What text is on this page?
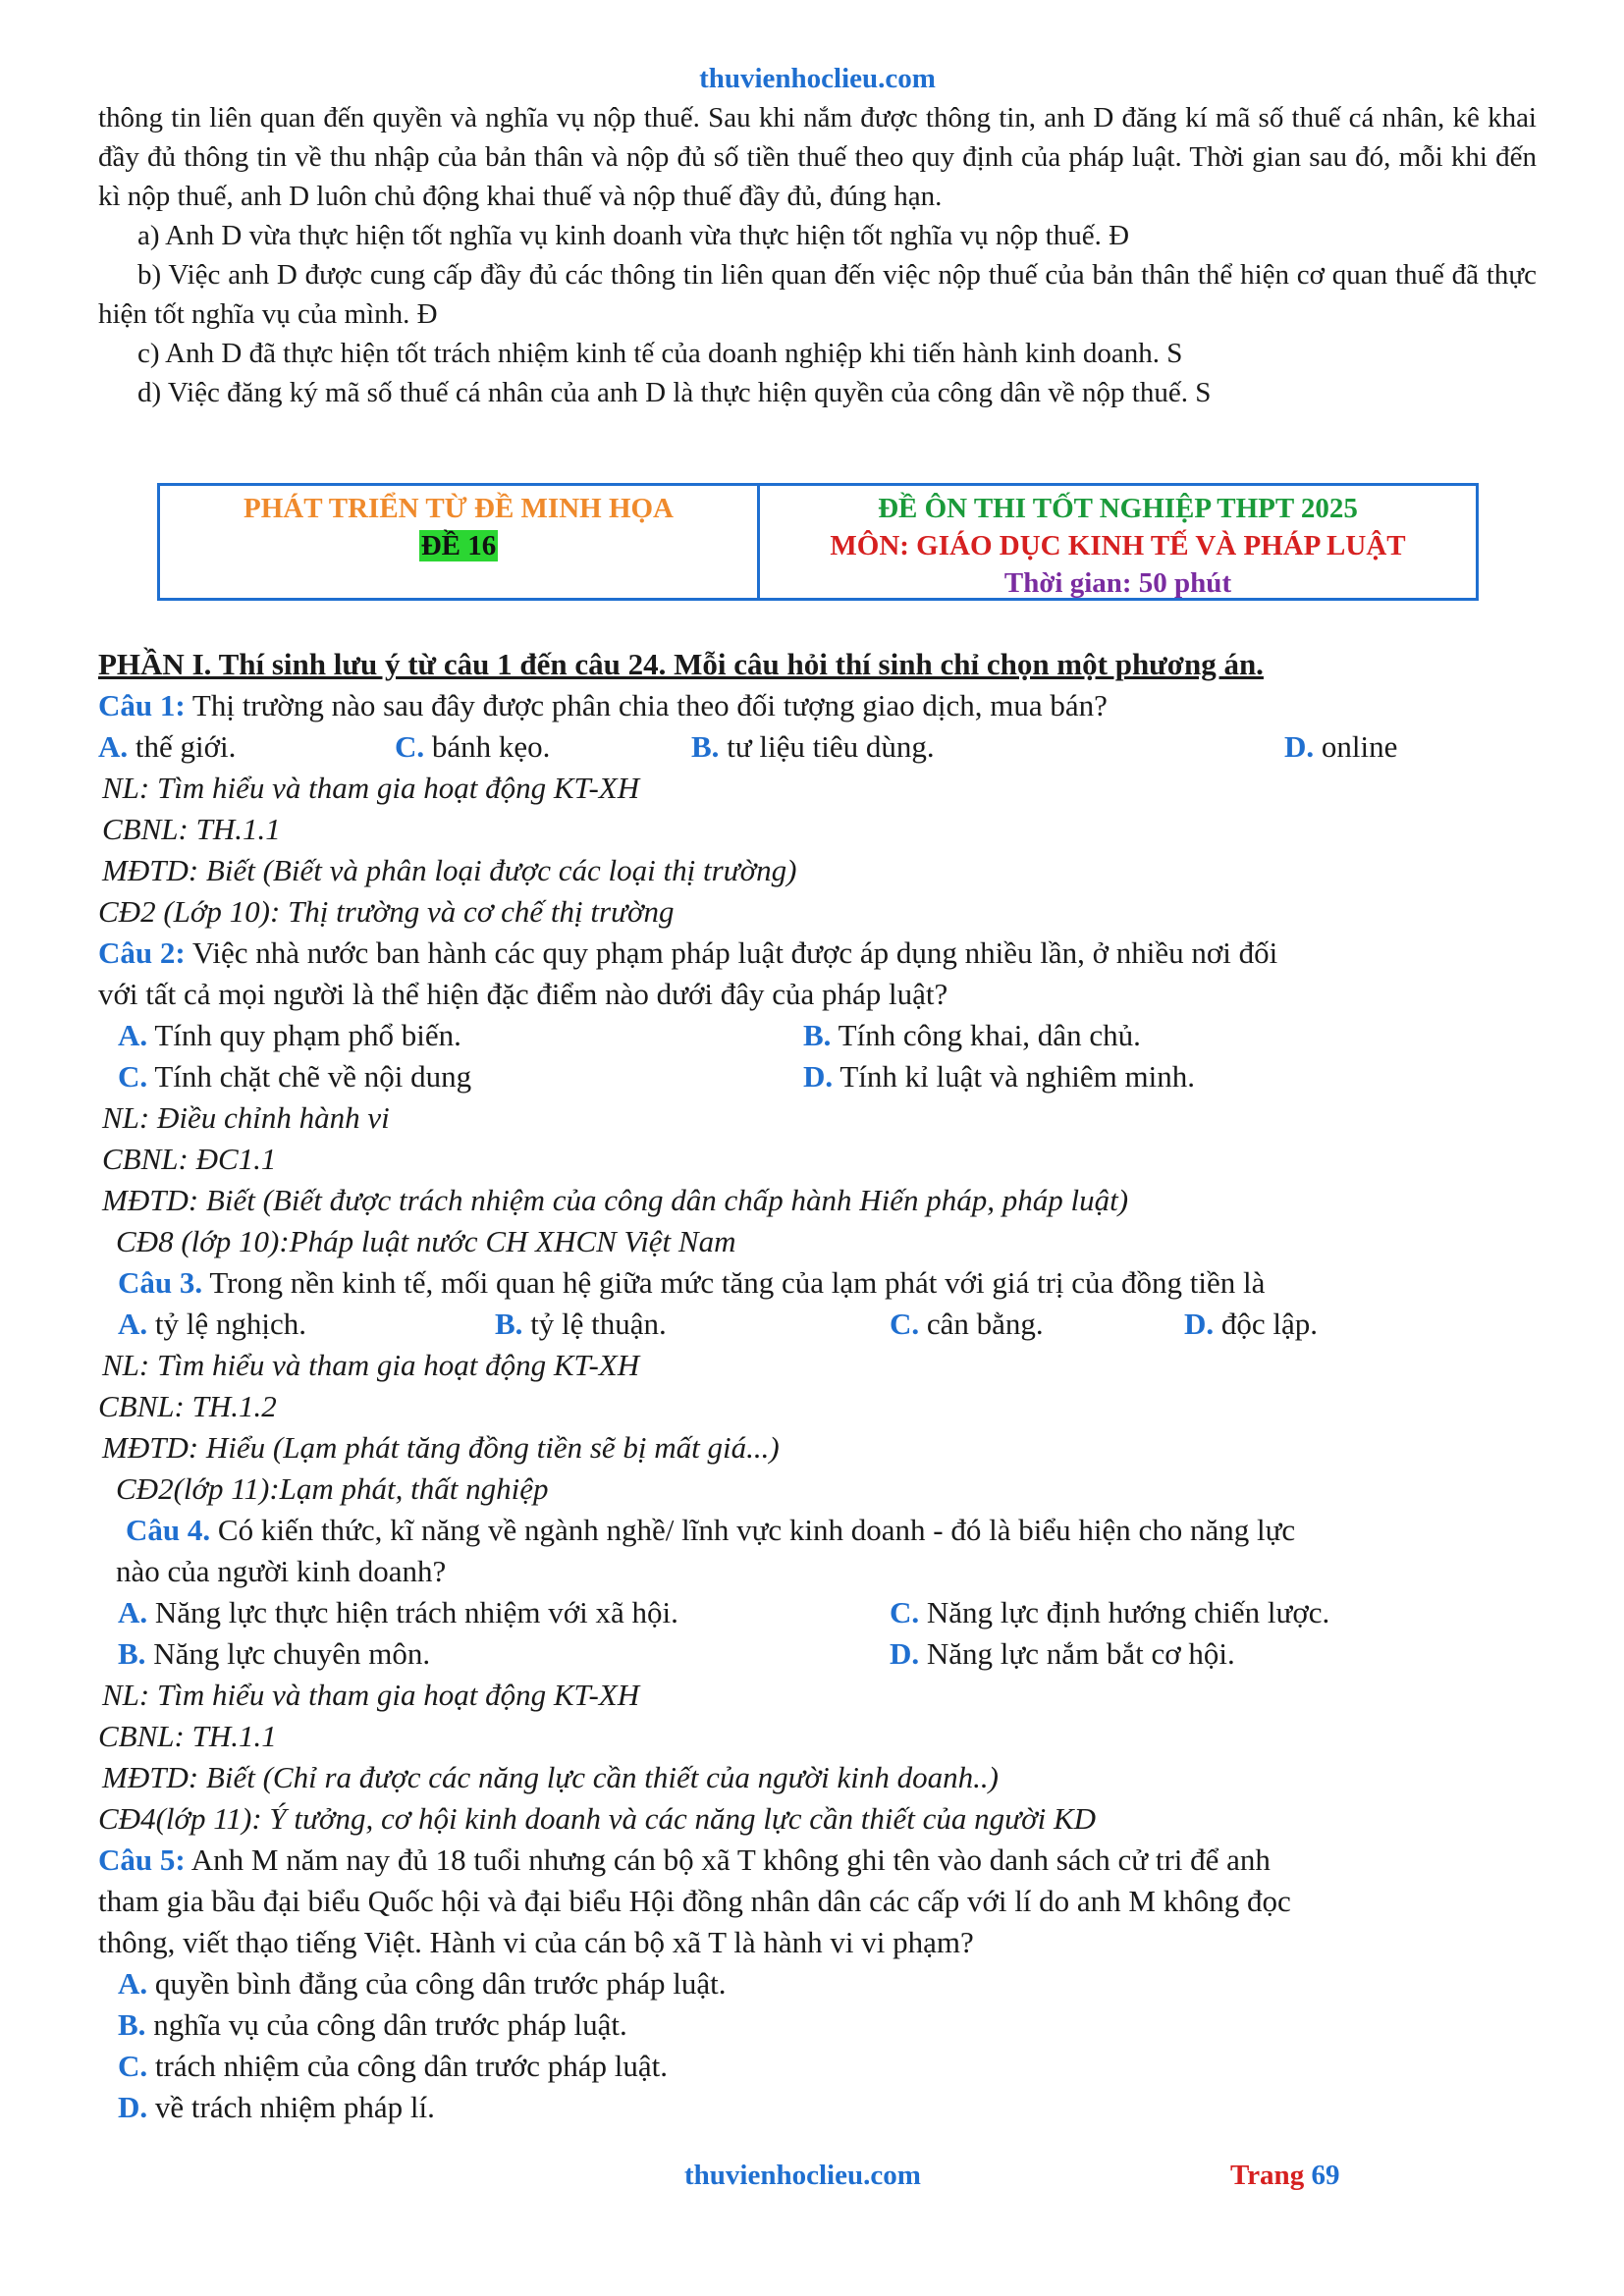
thuvienhoclieu.com

thông tin liên quan đến quyền và nghĩa vụ nộp thuế. Sau khi nắm được thông tin, anh D đăng kí mã số thuế cá nhân, kê khai đầy đủ thông tin về thu nhập của bản thân và nộp đủ số tiền thuế theo quy định của pháp luật. Thời gian sau đó, mỗi khi đến kì nộp thuế, anh D luôn chủ động khai thuế và nộp thuế đầy đủ, đúng hạn.

a) Anh D vừa thực hiện tốt nghĩa vụ kinh doanh vừa thực hiện tốt nghĩa vụ nộp thuế. Đ

b) Việc anh D được cung cấp đầy đủ các thông tin liên quan đến việc nộp thuế của bản thân thể hiện cơ quan thuế đã thực hiện tốt nghĩa vụ của mình. Đ

c) Anh D đã thực hiện tốt trách nhiệm kinh tế của doanh nghiệp khi tiến hành kinh doanh. S

d) Việc đăng ký mã số thuế cá nhân của anh D là thực hiện quyền của công dân về nộp thuế. S

PHÁT TRIỂN TỪ ĐỀ MINH HỌA
ĐỀ 16
ĐỀ ÔN THI TỐT NGHIỆP THPT 2025
MÔN: GIÁO DỤC KINH TẾ VÀ PHÁP LUẬT
Thời gian: 50 phút
PHẦN I. Thí sinh lưu ý từ câu 1 đến câu 24. Mỗi câu hỏi thí sinh chỉ chọn một phương án.
Câu 1: Thị trường nào sau đây được phân chia theo đối tượng giao dịch, mua bán?
A. thế giới.	C. bánh kẹo.	B. tư liệu tiêu dùng.	D. online
NL: Tìm hiểu và tham gia hoạt động KT-XH
CBNL: TH.1.1
MĐTD: Biết (Biết và phân loại được các loại thị trường)
CĐ2 (Lớp 10): Thị trường và cơ chế thị trường
Câu 2: Việc nhà nước ban hành các quy phạm pháp luật được áp dụng nhiều lần, ở nhiều nơi đối
với tất cả mọi người là thể hiện đặc điểm nào dưới đây của pháp luật?
A. Tính quy phạm phổ biến.	B. Tính công khai, dân chủ.
C. Tính chặt chẽ về nội dung	D. Tính kỉ luật và nghiêm minh.
NL: Điều chỉnh hành vi
CBNL: ĐC1.1
MĐTD: Biết (Biết được trách nhiệm của công dân chấp hành Hiến pháp, pháp luật)
CĐ8 (lớp 10):Pháp luật nước CH XHCN Việt Nam
Câu 3. Trong nền kinh tế, mối quan hệ giữa mức tăng của lạm phát với giá trị của đồng tiền là
A. tỷ lệ nghịch.	B. tỷ lệ thuận.	C. cân bằng.	D. độc lập.
NL: Tìm hiểu và tham gia hoạt động KT-XH
CBNL: TH.1.2
MĐTD: Hiểu (Lạm phát tăng đồng tiền sẽ bị mất giá...)
CĐ2(lớp 11):Lạm phát, thất nghiệp
Câu 4. Có kiến thức, kĩ năng về ngành nghề/ lĩnh vực kinh doanh - đó là biểu hiện cho năng lực
nào của người kinh doanh?
A. Năng lực thực hiện trách nhiệm với xã hội.	C. Năng lực định hướng chiến lược.
B. Năng lực chuyên môn.	D. Năng lực nắm bắt cơ hội.
NL: Tìm hiểu và tham gia hoạt động KT-XH
CBNL: TH.1.1
MĐTD: Biết (Chỉ ra được các năng lực cần thiết của người kinh doanh..)
CĐ4(lớp 11): Ý tưởng, cơ hội kinh doanh và các năng lực cần thiết của người KD
Câu 5: Anh M năm nay đủ 18 tuổi nhưng cán bộ xã T không ghi tên vào danh sách cử tri để anh
tham gia bầu đại biểu Quốc hội và đại biểu Hội đồng nhân dân các cấp với lí do anh M không đọc
thông, viết thạo tiếng Việt. Hành vi của cán bộ xã T là hành vi vi phạm?
A. quyền bình đẳng của công dân trước pháp luật.
B. nghĩa vụ của công dân trước pháp luật.
C. trách nhiệm của công dân trước pháp luật.
D. về trách nhiệm pháp lí.
thuvienhoclieu.com	Trang 69
